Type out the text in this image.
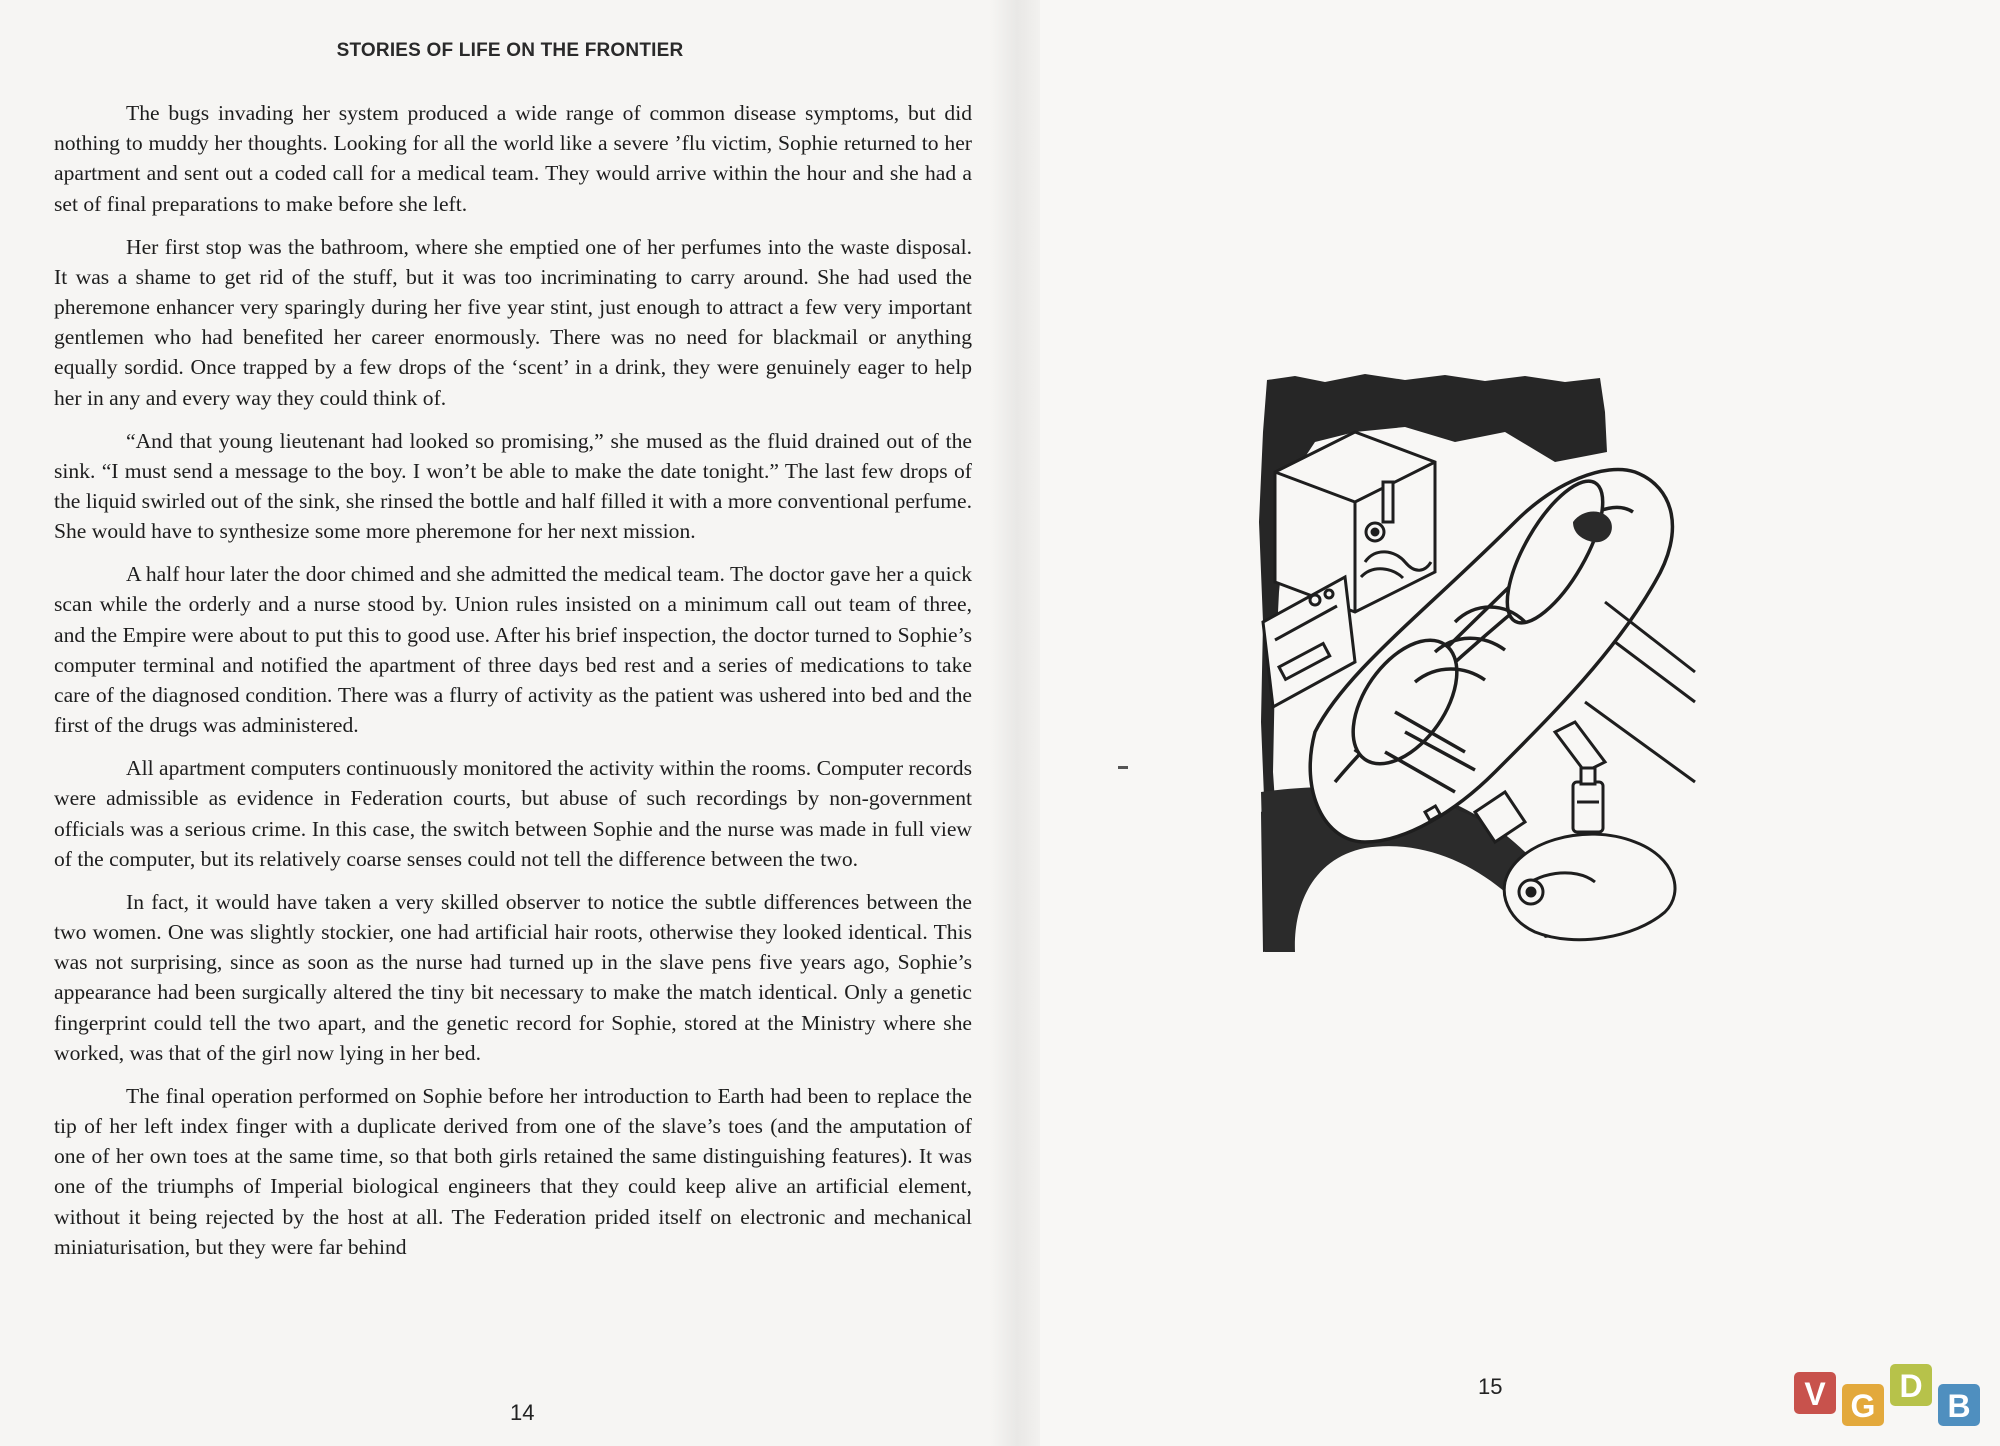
STORIES OF LIFE ON THE FRONTIER

The bugs invading her system produced a wide range of common disease symptoms, but did nothing to muddy her thoughts. Looking for all the world like a severe ’flu victim, Sophie returned to her apartment and sent out a coded call for a medical team. They would arrive within the hour and she had a set of final preparations to make before she left.

Her first stop was the bathroom, where she emptied one of her perfumes into the waste disposal. It was a shame to get rid of the stuff, but it was too incriminating to carry around. She had used the pheremone enhancer very sparingly during her five year stint, just enough to attract a few very important gentlemen who had benefited her career enormously. There was no need for blackmail or anything equally sordid. Once trapped by a few drops of the ‘scent’ in a drink, they were genuinely eager to help her in any and every way they could think of.

“And that young lieutenant had looked so promising,” she mused as the fluid drained out of the sink. “I must send a message to the boy. I won’t be able to make the date tonight.” The last few drops of the liquid swirled out of the sink, she rinsed the bottle and half filled it with a more conventional perfume. She would have to synthesize some more pheremone for her next mission.

A half hour later the door chimed and she admitted the medical team. The doctor gave her a quick scan while the orderly and a nurse stood by. Union rules insisted on a minimum call out team of three, and the Empire were about to put this to good use. After his brief inspection, the doctor turned to Sophie’s computer terminal and notified the apartment of three days bed rest and a series of medications to take care of the diagnosed condition. There was a flurry of activity as the patient was ushered into bed and the first of the drugs was administered.

All apartment computers continuously monitored the activity within the rooms. Computer records were admissible as evidence in Federation courts, but abuse of such recordings by non-government officials was a serious crime. In this case, the switch between Sophie and the nurse was made in full view of the computer, but its relatively coarse senses could not tell the difference between the two.

In fact, it would have taken a very skilled observer to notice the subtle differences between the two women. One was slightly stockier, one had artificial hair roots, otherwise they looked identical. This was not surprising, since as soon as the nurse had turned up in the slave pens five years ago, Sophie’s appearance had been surgically altered the tiny bit necessary to make the match identical. Only a genetic fingerprint could tell the two apart, and the genetic record for Sophie, stored at the Ministry where she worked, was that of the girl now lying in her bed.

The final operation performed on Sophie before her introduction to Earth had been to replace the tip of her left index finger with a duplicate derived from one of the slave’s toes (and the amputation of one of her own toes at the same time, so that both girls retained the same distinguishing features). It was one of the triumphs of Imperial biological engineers that they could keep alive an artificial element, without it being rejected by the host at all. The Federation prided itself on electronic and mechanical miniaturisation, but they were far behind

14
15	V G
D
B
